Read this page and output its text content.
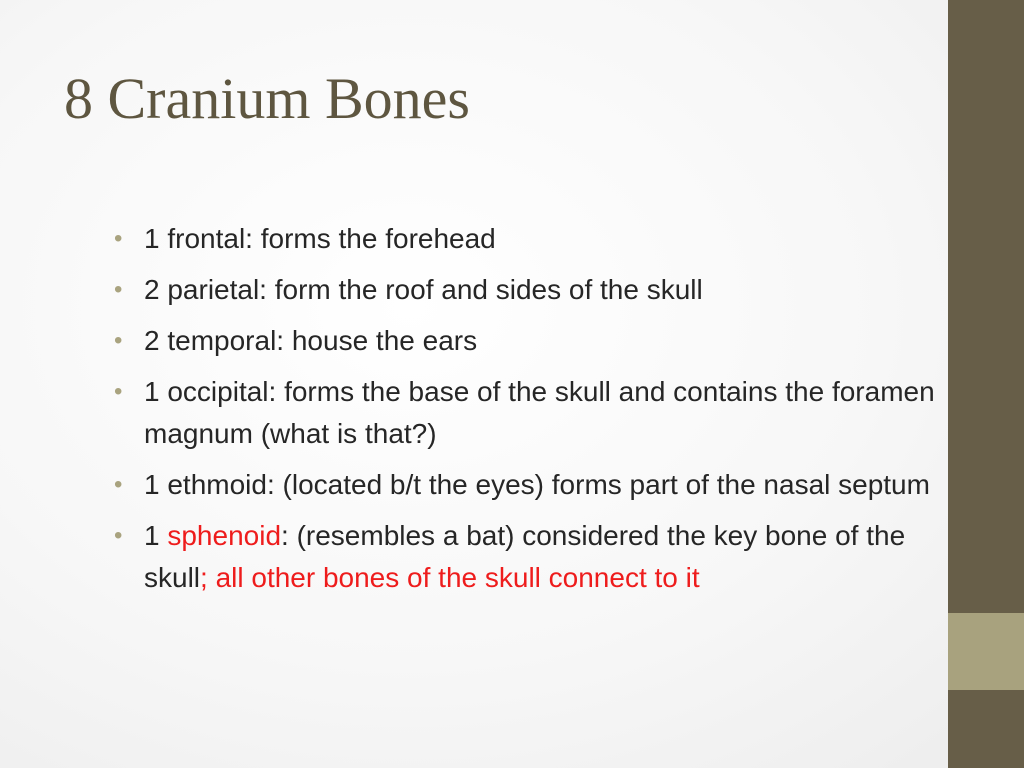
8 Cranium Bones
• 1 frontal: forms the forehead
• 2 parietal: form the roof and sides of the skull
• 2 temporal: house the ears
• 1 occipital: forms the base of the skull and contains the foramen magnum (what is that?)
• 1 ethmoid: (located b/t the eyes) forms part of the nasal septum
• 1 sphenoid: (resembles a bat) considered the key bone of the skull; all other bones of the skull connect to it
